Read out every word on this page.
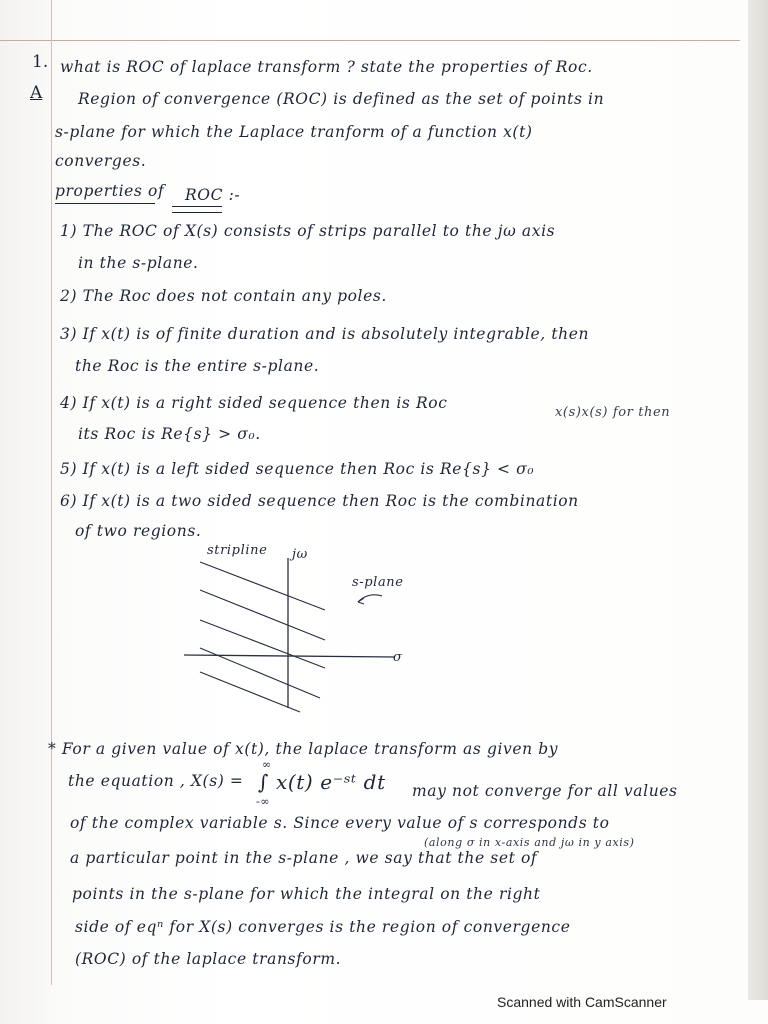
1. what is ROC of laplace transform ? state the properties of Roc.
A Region of convergence (ROC) is defined as the set of points in
s-plane for which the Laplace tranform of a function x(t)
converges.
properties of ROC :-
1) The ROC of X(s) consists of strips parallel to the jω axis
in the s-plane.
2) The Roc does not contain any poles.
3) If x(t) is of finite duration and is absolutely integrable, then
the Roc is the entire s-plane.
4) If x(t) is a right sided sequence then is Roc
x(s)x(s) for then
its Roc is Re{s} > σ₀.
5) If x(t) is a left sided sequence then Roc is Re{s} < σ₀
6) If x(t) is a two sided sequence then Roc is the combination
of two regions.
stripline jω
s-plane
σ
* For a given value of x(t), the laplace transform as given by
the equation , X(s) =
∞
∫ x(t) e⁻ˢᵗ dt
-∞
may not converge for all values
of the complex variable s. Since every value of s corresponds to
(along σ in x-axis and jω in y axis)
a particular point in the s-plane , we say that the set of
points in the s-plane for which the integral on the right
side of eqⁿ for X(s) converges is the region of convergence
(ROC) of the laplace transform.
Scanned with CamScanner
